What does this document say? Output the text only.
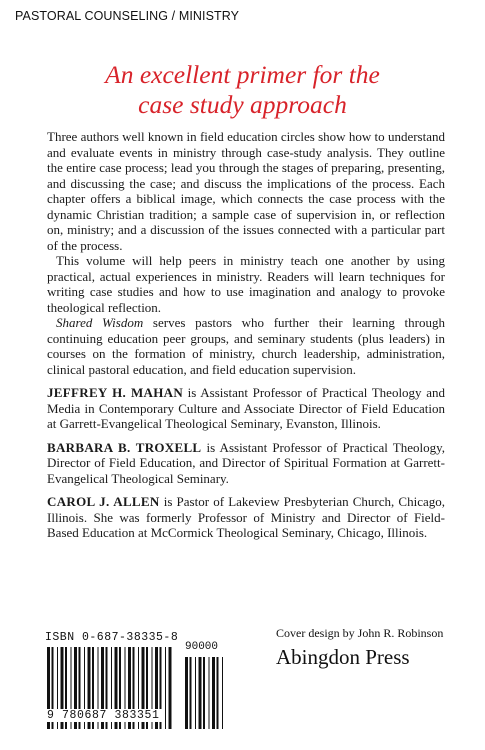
PASTORAL COUNSELING / MINISTRY
An excellent primer for the
case study approach

Three authors well known in field education circles show how to understand and evaluate events in ministry through case-study analysis. They outline the entire case process; lead you through the stages of preparing, presenting, and discussing the case; and discuss the implications of the process. Each chapter offers a biblical image, which connects the case process with the dynamic Christian tradition; a sample case of supervision in, or reflection on, ministry; and a discussion of the issues connected with a particular part of the process.

This volume will help peers in ministry teach one another by using practical, actual experiences in ministry. Readers will learn techniques for writing case studies and how to use imagination and analogy to provoke theological reflection.

Shared Wisdom serves pastors who further their learning through continuing education peer groups, and seminary students (plus leaders) in courses on the formation of ministry, church leadership, administration, clinical pastoral education, and field education supervision.

JEFFREY H. MAHAN is Assistant Professor of Practical Theology and Media in Contemporary Culture and Associate Director of Field Education at Garrett-Evangelical Theological Seminary, Evanston, Illinois.

BARBARA B. TROXELL is Assistant Professor of Practical Theology, Director of Field Education, and Director of Spiritual Formation at Garrett-Evangelical Theological Seminary.

CAROL J. ALLEN is Pastor of Lakeview Presbyterian Church, Chicago, Illinois. She was formerly Professor of Ministry and Director of Field-Based Education at McCormick Theological Seminary, Chicago, Illinois.

ISBN 0-687-38335-8
90000
9 780687 383351
Cover design by John R. Robinson
Abingdon Press
